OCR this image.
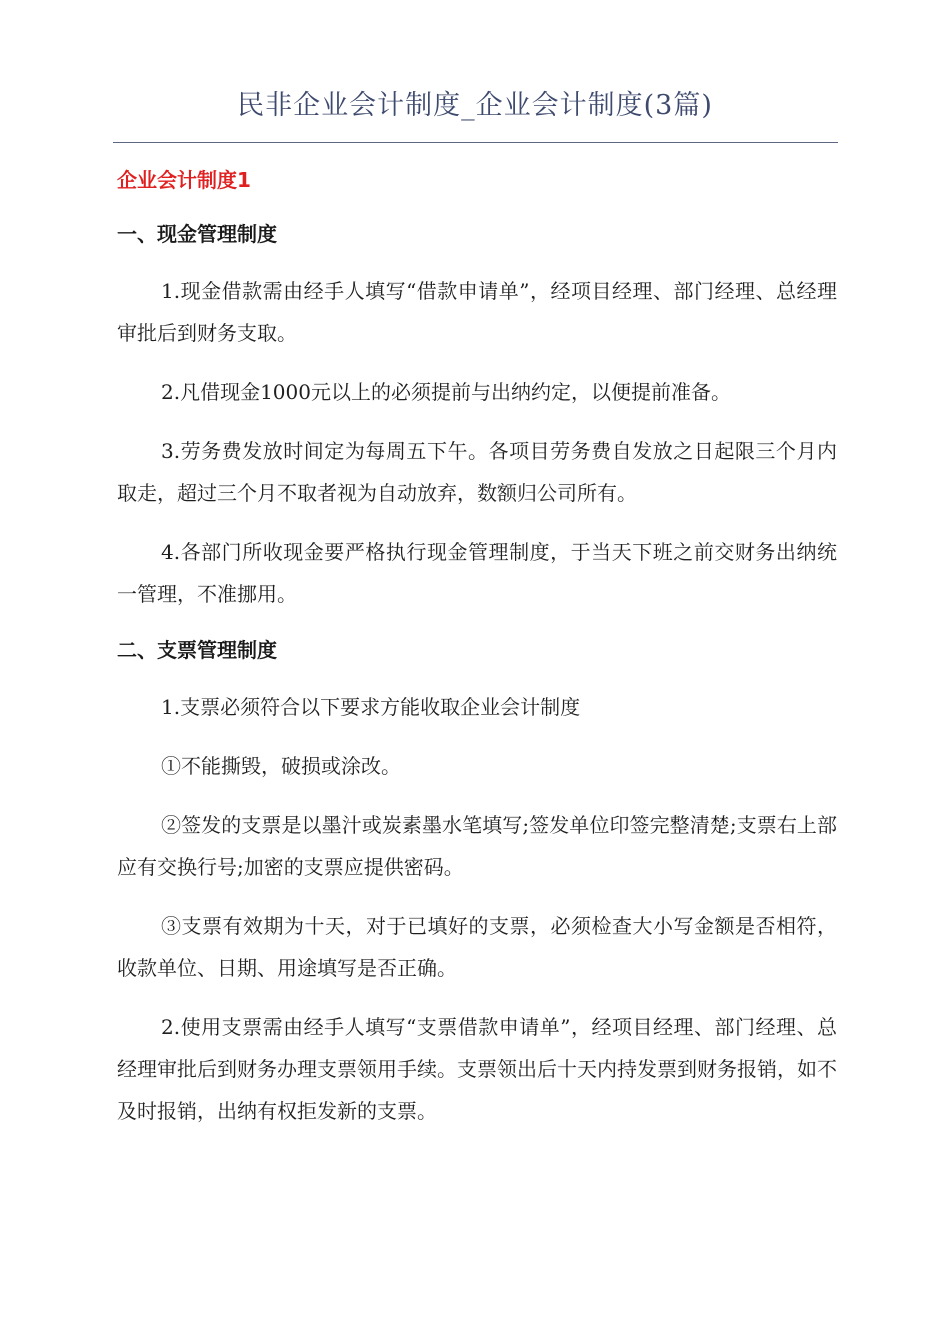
民非企业会计制度_企业会计制度(3篇)
企业会计制度1
一、现金管理制度

1.现金借款需由经手人填写“借款申请单”，经项目经理、部门经理、总经理审批后到财务支取。

2.凡借现金1000元以上的必须提前与出纳约定，以便提前准备。

3.劳务费发放时间定为每周五下午。各项目劳务费自发放之日起限三个月内取走，超过三个月不取者视为自动放弃，数额归公司所有。

4.各部门所收现金要严格执行现金管理制度，于当天下班之前交财务出纳统一管理，不准挪用。

二、支票管理制度

1.支票必须符合以下要求方能收取企业会计制度

①不能撕毁，破损或涂改。

②签发的支票是以墨汁或炭素墨水笔填写;签发单位印签完整清楚;支票右上部应有交换行号;加密的支票应提供密码。

③支票有效期为十天，对于已填好的支票，必须检查大小写金额是否相符，收款单位、日期、用途填写是否正确。

2.使用支票需由经手人填写“支票借款申请单”，经项目经理、部门经理、总经理审批后到财务办理支票领用手续。支票领出后十天内持发票到财务报销，如不及时报销，出纳有权拒发新的支票。
